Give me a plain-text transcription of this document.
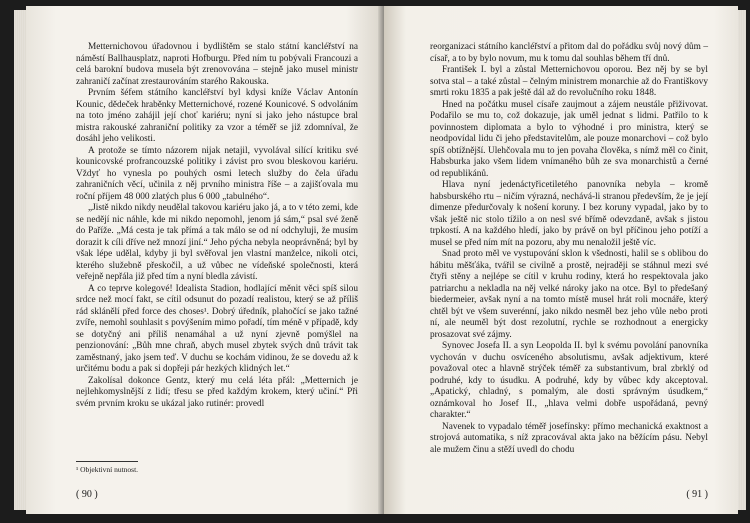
Metternichovou úřadovnou i bydlištěm se stalo státní kancléřství na náměstí Ballhausplatz, naproti Hofburgu. Před ním tu pobývali Francouzi a celá barokní budova musela být zrenovována – stejně jako musel ministr zahraničí začínat zrestaurováním starého Rakouska.

Prvním šéfem státního kancléřství byl kdysi kníže Václav Antonín Kounic, dědeček hraběnky Metternichové, rozené Kounicové. S odvoláním na toto jméno zahájil její choť kariéru; nyní si jako jeho nástupce bral mistra rakouské zahraniční politiky za vzor a téměř se již zdomníval, že dosáhl jeho velikosti.

A protože se tímto názorem nijak netajil, vyvolával silící kritiku své kounicovské profrancouzské politiky i závist pro svou bleskovou kariéru. Vždyť ho vynesla po pouhých osmi letech služby do čela úřadu zahraničních věcí, učinila z něj prvního ministra říše – a zajišťovala mu roční příjem 48 000 zlatých plus 6 000 „tabulného“.

„Jistě nikdo nikdy neudělal takovou kariéru jako já, a to v této zemi, kde se nedějí nic náhle, kde mi nikdo nepomohl, jenom já sám,“ psal své ženě do Paříže. „Má cesta je tak přímá a tak málo se od ní odchyluji, že musím dorazit k cíli dříve než mnozí jiní.“ Jeho pýcha nebyla neoprávněná; byl by však lépe udělal, kdyby ji byl svěřoval jen vlastní manželce, nikoli otci, kterého služebně přeskočil, a už vůbec ne vídeňské společnosti, která veřejně nepřála již před tím a nyní bledla závistí.

A co teprve kolegové! Idealista Stadion, hodlající měnit věci spíš silou srdce než mocí fakt, se cítil odsunut do pozadí realistou, který se až příliš rád sklánělí před force des choses¹. Dobrý úředník, plahočící se jako tažné zvíře, nemohl souhlasit s povýšením mimo pořadí, tím méně v případě, kdy se dotyčný ani příliš nenamáhal a už nyní zjevně pomýšlel na penzionování: „Bůh mne chraň, abych musel zbytek svých dnů trávit tak zaměstnaný, jako jsem teď. V duchu se kochám vidinou, že se dovedu až k určitému bodu a pak si dopřeji pár hezkých klidných let.“

Zakolísal dokonce Gentz, který mu celá léta přál: „Metternich je nejlehkomyslnější z lidí; třesu se před každým krokem, který učiní.“ Při svém prvním kroku se ukázal jako rutinér: provedl

¹ Objektivní nutnost.

( 90 )

reorganizaci státního kancléřství a přitom dal do pořádku svůj nový dům – císař, a to by bylo novum, mu k tomu dal souhlas během tří dnů.

František I. byl a zůstal Metternichovou oporou. Bez něj by se byl sotva stal – a také zůstal – čelným ministrem monarchie až do Františkovy smrti roku 1835 a pak ještě dál až do revolučního roku 1848.

Hned na počátku musel císaře zaujmout a zájem neustále přiživovat. Podařilo se mu to, což dokazuje, jak uměl jednat s lidmi. Patřilo to k povinnostem diplomata a bylo to výhodné i pro ministra, který se neodpovídal lidu či jeho představitelům, ale pouze monarchovi – což bylo spíš obtížnější. Ulehčovala mu to jen povaha člověka, s nímž měl co činit, Habsburka jako všem lidem vnímaného bůh ze sva monarchistů a černé od republikánů.

Hlava nyní jedenáctyřicetiletého panovníka nebyla – kromě habsburského rtu – ničím výrazná, nechává-li stranou především, že je její dimenze předurčovaly k nošení koruny. I bez koruny vypadal, jako by to však ještě nic stolo tížilo a on nesl své břímě odevzdaně, avšak s jistou trpkostí. A na každého hledí, jako by právě on byl příčinou jeho potíží a musel se před ním mít na pozoru, aby mu nenaložil ještě víc.

Snad proto měl ve vystupování sklon k všednosti, halil se s oblibou do hábitu měšťáka, tvářil se civilně a prostě, nejraději se stáhnul mezi své čtyři stěny a nejlépe se cítil v kruhu rodiny, která ho respektovala jako patriarchu a nekladla na něj velké nároky jako na otce. Byl to předešaný biedermeier, avšak nyní a na tomto místě musel hrát roli mocnáře, který chtěl být ve všem suverénní, jako nikdo nesměl bez jeho vůle nebo proti ní, ale neuměl být dost rezolutní, rychle se rozhodnout a energicky prosazovat své zájmy.

Synovec Josefa II. a syn Leopolda II. byl k svému povolání panovníka vychován v duchu osvíceného absolutismu, avšak adjektivum, které považoval otec a hlavně strýček téměř za substantivum, bral zbrklý od podruhé, kdy to úsudku. A podruhé, kdy by vůbec kdy akceptoval. „Apatický, chladný, s pomalým, ale dosti správným úsudkem,“ oznámkoval ho Josef II., „hlava velmi dobře uspořádaná, pevný charakter.“

Navenek to vypadalo téměř josefínsky: přímo mechanická exaktnost a strojová automatika, s níž zpracovával akta jako na běžícím pásu. Nebyl ale mužem činu a stěží uvedl do chodu

( 91 )
